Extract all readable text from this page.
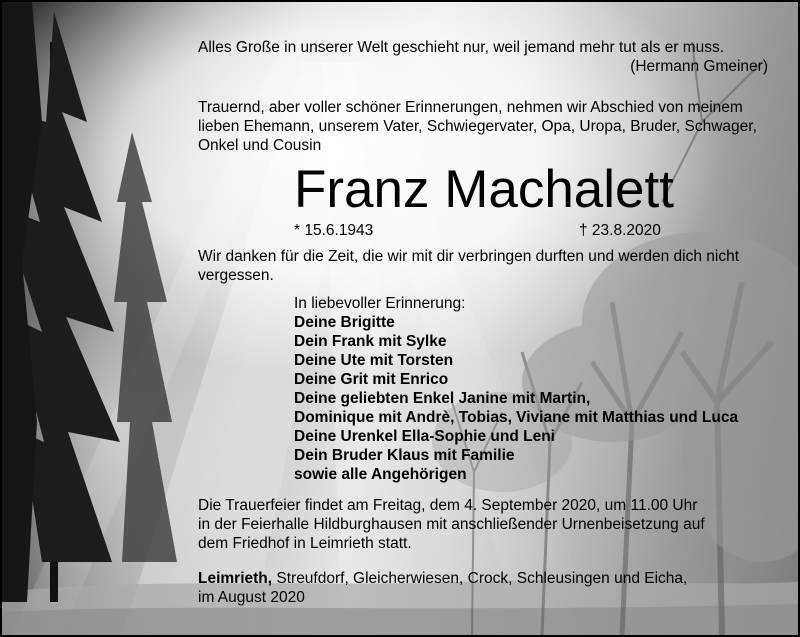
Alles Große in unserer Welt geschieht nur, weil jemand mehr tut als er muss.
(Hermann Gmeiner)
Trauernd, aber voller schöner Erinnerungen, nehmen wir Abschied von meinem
lieben Ehemann, unserem Vater, Schwiegervater, Opa, Uropa, Bruder, Schwager,
Onkel und Cousin
Franz Machalett
* 15.6.1943	† 23.8.2020
Wir danken für die Zeit, die wir mit dir verbringen durften und werden dich nicht
vergessen.
In liebevoller Erinnerung:
Deine Brigitte
Dein Frank mit Sylke
Deine Ute mit Torsten
Deine Grit mit Enrico
Deine geliebten Enkel Janine mit Martin,
Dominique mit Andrè, Tobias, Viviane mit Matthias und Luca
Deine Urenkel Ella-Sophie und Leni
Dein Bruder Klaus mit Familie
sowie alle Angehörigen
Die Trauerfeier findet am Freitag, dem 4. September 2020, um 11.00 Uhr
in der Feierhalle Hildburghausen mit anschließender Urnenbeisetzung auf
dem Friedhof in Leimrieth statt.
Leimrieth, Streufdorf, Gleicherwiesen, Crock, Schleusingen und Eicha,
im August 2020
